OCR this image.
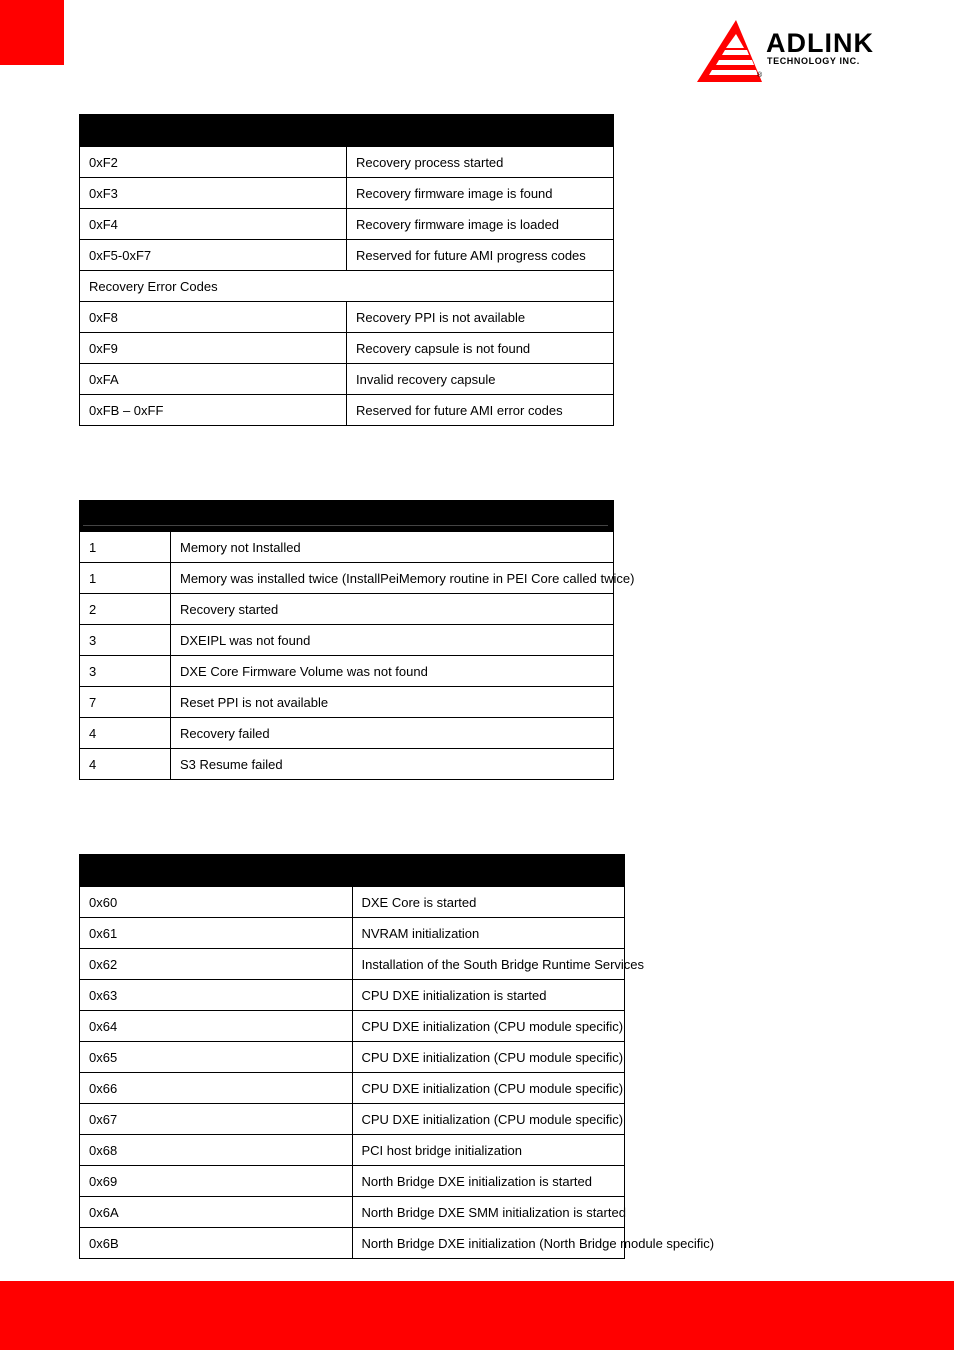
ADLINK
TECHNOLOGY INC.
®

0xF2	Recovery process started
0xF3	Recovery firmware image is found
0xF4	Recovery firmware image is loaded
0xF5-0xF7	Reserved for future AMI progress codes
Recovery Error Codes	
0xF8	Recovery PPI is not available
0xF9	Recovery capsule is not found
0xFA	Invalid recovery capsule
0xFB – 0xFF	Reserved for future AMI error codes

1	Memory not Installed
1	Memory was installed twice (InstallPeiMemory routine in PEI Core called twice)
2	Recovery started
3	DXEIPL was not found
3	DXE Core Firmware Volume was not found
7	Reset PPI is not available
4	Recovery failed
4	S3 Resume failed

0x60	DXE Core is started
0x61	NVRAM initialization
0x62	Installation of the South Bridge Runtime Services
0x63	CPU DXE initialization is started
0x64	CPU DXE initialization (CPU module specific)
0x65	CPU DXE initialization (CPU module specific)
0x66	CPU DXE initialization (CPU module specific)
0x67	CPU DXE initialization (CPU module specific)
0x68	PCI host bridge initialization
0x69	North Bridge DXE initialization is started
0x6A	North Bridge DXE SMM initialization is started
0x6B	North Bridge DXE initialization (North Bridge module specific)
